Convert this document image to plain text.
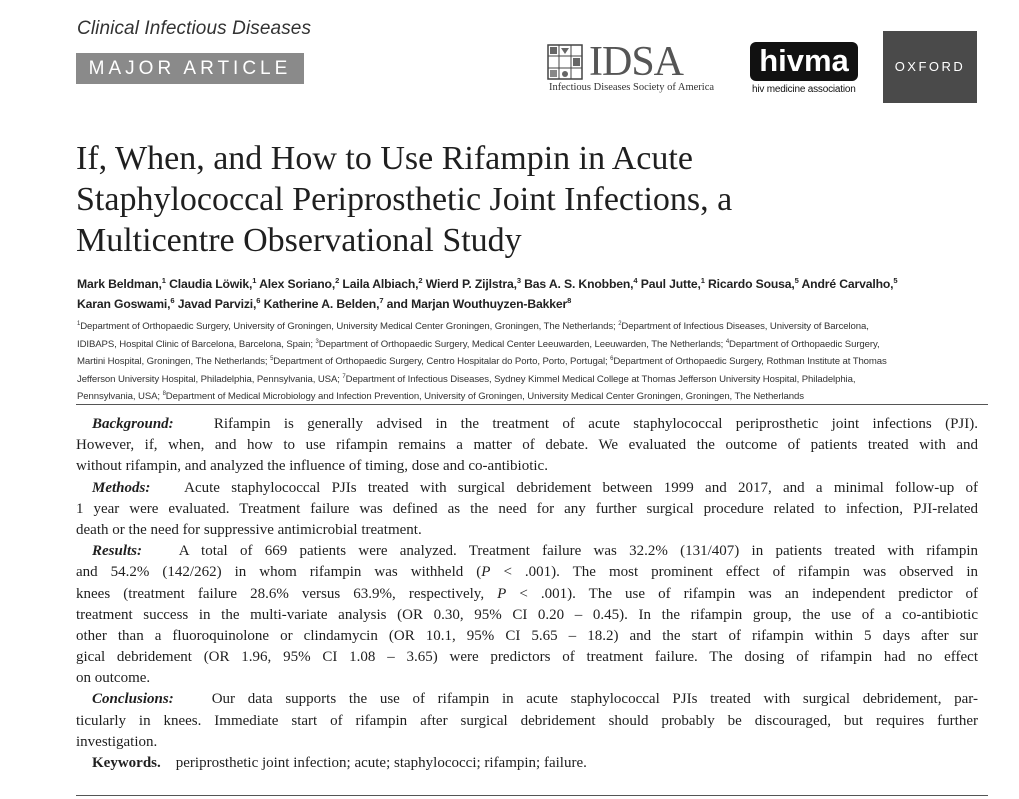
Clinical Infectious Diseases
MAJOR ARTICLE	IDSA
Infectious Diseases Society of America
hivma
hiv medicine association
OXFORD
If, When, and How to Use Rifampin in Acute
Staphylococcal Periprosthetic Joint Infections, a
Multicentre Observational Study
Mark Beldman,$^1$ Claudia Löwik,$^1$ Alex Soriano,$^2$ Laila Albiach,$^2$ Wierd P. Zijlstra,$^3$ Bas A. S. Knobben,$^4$ Paul Jutte,$^1$ Ricardo Sousa,$^5$ André Carvalho,$^5$
Karan Goswami,$^6$ Javad Parvizi,$^6$ Katherine A. Belden,$^7$ and Marjan Wouthuyzen-Bakker$^8$
$^1$Department of Orthopaedic Surgery, University of Groningen, University Medical Center Groningen, Groningen, The Netherlands; $^2$Department of Infectious Diseases, University of Barcelona,
IDIBAPS, Hospital Clinic of Barcelona, Barcelona, Spain; $^3$Department of Orthopaedic Surgery, Medical Center Leeuwarden, Leeuwarden, The Netherlands; $^4$Department of Orthopaedic Surgery,
Martini Hospital, Groningen, The Netherlands; $^5$Department of Orthopaedic Surgery, Centro Hospitalar do Porto, Porto, Portugal; $^6$Department of Orthopaedic Surgery, Rothman Institute at Thomas
Jefferson University Hospital, Philadelphia, Pennsylvania, USA; $^7$Department of Infectious Diseases, Sydney Kimmel Medical College at Thomas Jefferson University Hospital, Philadelphia,
Pennsylvania, USA; $^8$Department of Medical Microbiology and Infection Prevention, University of Groningen, University Medical Center Groningen, Groningen, The Netherlands
Background:   Rifampin is generally advised in the treatment of acute staphylococcal periprosthetic joint infections (PJI).
However, if, when, and how to use rifampin remains a matter of debate. We evaluated the outcome of patients treated with and
without rifampin, and analyzed the influence of timing, dose and co-antibiotic.
Methods:   Acute staphylococcal PJIs treated with surgical debridement between 1999 and 2017, and a minimal follow-up of
1 year were evaluated. Treatment failure was defined as the need for any further surgical procedure related to infection, PJI-related
death or the need for suppressive antimicrobial treatment.
Results:   A total of 669 patients were analyzed. Treatment failure was 32.2% (131/407) in patients treated with rifampin
and 54.2% (142/262) in whom rifampin was withheld (P < .001). The most prominent effect of rifampin was observed in
knees (treatment failure 28.6% versus 63.9%, respectively, P < .001). The use of rifampin was an independent predictor of
treatment success in the multi-variate analysis (OR 0.30, 95% CI 0.20 – 0.45). In the rifampin group, the use of a co-antibiotic
other than a fluoroquinolone or clindamycin (OR 10.1, 95% CI 5.65 – 18.2) and the start of rifampin within 5 days after sur
gical debridement (OR 1.96, 95% CI 1.08 – 3.65) were predictors of treatment failure. The dosing of rifampin had no effect
on outcome.
Conclusions:   Our data supports the use of rifampin in acute staphylococcal PJIs treated with surgical debridement, par-
ticularly in knees. Immediate start of rifampin after surgical debridement should probably be discouraged, but requires further
investigation.
Keywords.    periprosthetic joint infection; acute; staphylococci; rifampin; failure.
